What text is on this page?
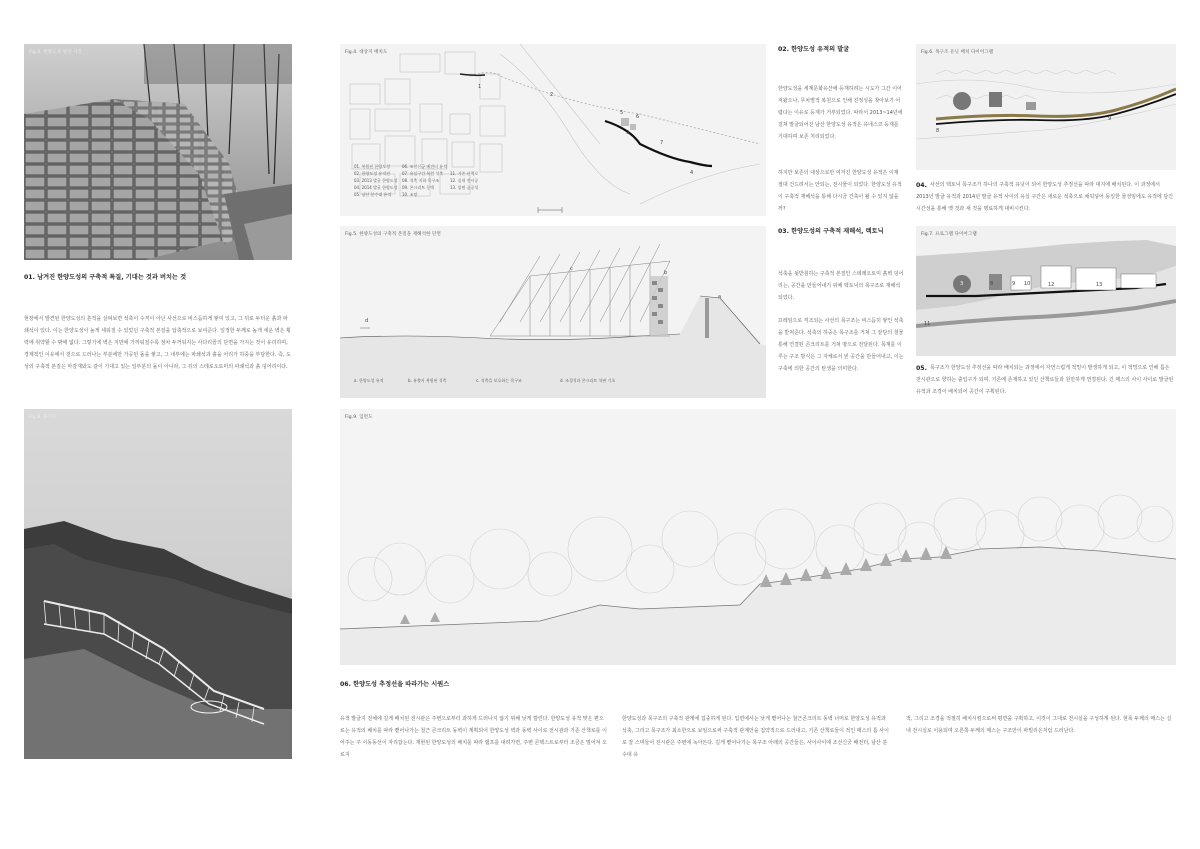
Fig.3. 한양도성 현장 사진
01. 남겨진 한양도성의 구축적 특질, 기대는 것과 버치는 것

현장에서 발견된 한양도성의 흔적을 살펴보면 석축이 수직이 아닌 사선으로 비스듬하게 쌓여 있고, 그 뒤로 두터운 흙과 파쇄석이 있다. 이는 한양도성이 높게 세워질 수 있었던 구축적 본질을 압축적으로 보여준다. 일정한 두께로 높게 세운 벽은 횡력에 취약할 수 밖에 없다. 그렇기에 벽은 지반에 가까워질수록 점차 두꺼워지는 사다리꼴의 단면을 가지는 것이 유리하며, 경제적인 이유에서 겉으로 드러나는 부분에만 가공된 돌을 쌓고, 그 내부에는 파쇄석과 흙을 어리가 하중을 부담한다. 즉, 도성의 구축적 본질은 마감재와도 같이 기대고 있는 일부분의 돌이 아니라, 그 뒤의 스테로오토미의 파쇄석과 흙 덩어리이다.

Fig.8. 투시도
Fig.4. 대상지 배치도
1
2
3
4
5
6
7
01. 복원된 한양도성
02. 한양도성 유적전
03. 2013 발굴 한양도성
04. 2014 발굴 한양도성
05. 남산 분수대 유적
06. 조선신궁 배전터 유적
07. 유실구간 복원 석축
08. 석축 지하 목구조
09. 콘크리트 동벽
10. 조망
11. 기존 산책로
12. 실내 전시공
13. 입면 공공석
Fig.5. 한양도성의 구축적 본질을 재해석한 단면
a
b
c
d
a. 한양도성 유적	b. 유출지 복원된 석축	c. 석축을 보호하는 목구조	d. 조경석과 콘크리트 석판 기초
02. 한양도성 유적의 발굴

한양도성을 세계문화유산에 등재하려는 시도가 그간 이어져왔으나, 무차별적 복원으로 인해 진정성을 찾아보기 어렵다는 이유로 등재가 거부되었다. 따라서 2013~14년에 걸쳐 발굴되어진 남산 한양도성 유적은 유네스코 등재를 기대하며 보존 처리되었다.

하지만 보존의 대상으로만 여겨진 한양도성 유적은 이제 절대 건드려서는 안되는, 전시물이 되었다. 한양도성 유적이 구축적 재해석을 통해 다시금 건축이 될 수 있지 않을까?

03. 한양도성의 구축적 재해석, 텍토닉

석축을 뒷받침하는 구축적 본질인 스테레오토미 흙벽 덩어리는, 공간을 만들어내기 위해 텍토닉의 목구조로 재해석되었다.

프레임으로 직조되는 사선의 목구조는 비스듬히 쌓인 석축을 받쳐준다. 석축의 하중은 목구조를 거쳐 그 끝단의 철물 통해 연결된 콘크리트를 거쳐 땅으로 전달된다. 목재를 이루는 구조 방식은 그 자체로서 빈 공간을 만들어내고, 이는 구축에 의한 공간의 탄생을 의미한다.

Fig.6. 목구조 유닛 배치 다이어그램
8
9
04. 사선의 텍토닉 목구조가 하나의 구축적 유닛이 되어 한양도성 추정선을 따라 대지에 배치된다. 이 과정에서 2013년 발굴 유적과 2014년 발굴 유적 사이의 유실 구간은 새로운 석축으로 채워넣어 동일한 물성임에도 유적에 담긴 시간성을 통해 옛 것과 새 것을 명료하게 대비시킨다.

Fig.7. 프로그램 다이어그램
3	8	9 10
11
12	13
05. 목구조가 한양도성 추정선을 따라 배치되는 과정에서 자연스럽게 적밍이 발생하게 되고, 이 적밍으로 인해 틈은 전시관으로 향하는 출입구가 되며, 기존에 존재하고 있던 산책로들과 원만하게 연결된다. 긴 매스의 사이 사이로 발굴된 유적과 조경이 배치되어 공간이 구획된다.

Fig.9. 입면도
06. 한양도성 추정선을 따라가는 시퀀스

유적 발굴지 전체에 길게 배치된 전시관은 주변으로부터 과하게 드러나지 않기 위해 낮게 깔린다. 한양도성 유적 맞은 편으로는 유적의 배치를 따라 뻗어나가는 철근 콘크리트 동벽이 계획되어 한양도성 벽과 동벽 사이로 전시관과 기존 산책로를 이어주는 주 이동동선이 자리잡는다. 재현된 한양도성의 배치를 따라 램프를 내려가면, 주변 콘텍스트로부터 조금은 멀어져 오로지

한양도성과 목구조의 구축적 관계에 집중하게 된다. 입면에서는 낮게 뻗어나는 철근콘크리트 동벽 너머로 한양도성 유적과 석축, 그리고 목구조가 최소한으로 보임으로써 구축적 관계만을 집약적으로 드러내고, 기존 산책로들이 적인 매스의 틈 사이로 잘 스며들어 전시관은 주변에 녹아든다. 길게 뻗어나가는 목구조 아래의 공간들은, 사이사이에 조선신궁 배전터, 남산 분수대 유

적, 그리고 조경을 적절히 배치시킴으로써 평면을 구획하고, 이것이 그대로 전시실을 구성하게 된다. 현폭 두께의 매스는 실내 전시실로 이용되며 오른쪽 두께의 매스는 구조만이 파빌리온처럼 드러난다.
